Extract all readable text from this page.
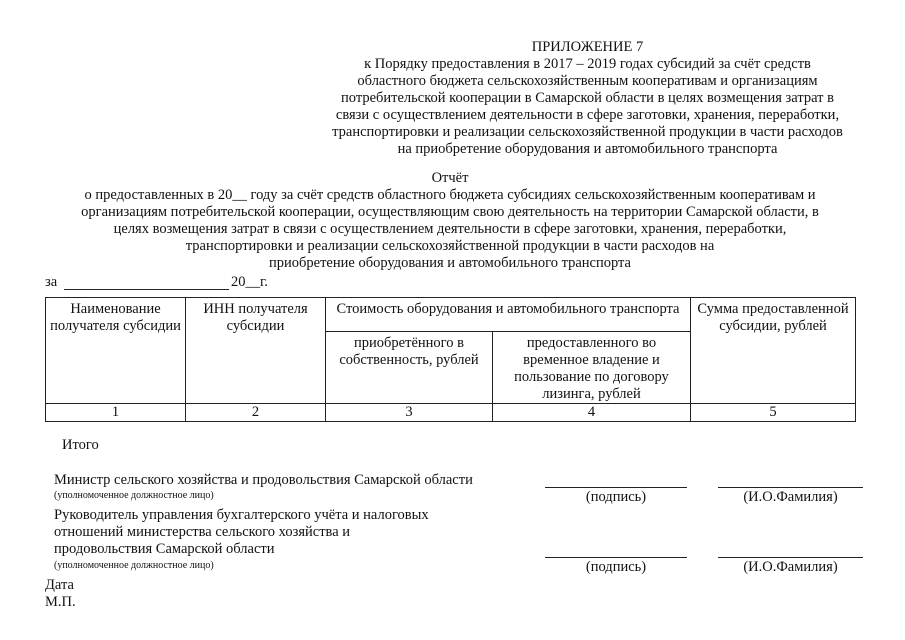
ПРИЛОЖЕНИЕ 7
к Порядку предоставления в 2017 – 2019 годах субсидий за счёт средств
областного бюджета сельскохозяйственным кооперативам и организациям
потребительской кооперации в Самарской области в целях возмещения затрат в
связи с осуществлением деятельности в сфере заготовки, хранения, переработки,
транспортировки и реализации сельскохозяйственной продукции в части расходов
на приобретение оборудования и автомобильного транспорта
Отчёт
о предоставленных в 20__ году за счёт средств областного бюджета субсидиях сельскохозяйственным кооперативам и
организациям потребительской кооперации, осуществляющим свою деятельность на территории Самарской области, в
целях возмещения затрат в связи с осуществлением деятельности в сфере заготовки, хранения, переработки,
транспортировки и реализации сельскохозяйственной продукции в части расходов на
приобретение оборудования и автомобильного транспорта
за	20__г.
Наименование получателя субсидии	ИНН получателя субсидии	Стоимость оборудования и автомобильного транспорта		Сумма предоставленной субсидии, рублей
		приобретённого в собственность, рублей	предоставленного во временное владение и пользование по договору лизинга, рублей	
1	2	3	4	5
Итого
Министр сельского хозяйства и продовольствия Самарской области
(уполномоченное должностное лицо)	(подпись)	(И.О.Фамилия)
Руководитель управления бухгалтерского учёта и налоговых
отношений министерства сельского хозяйства и
продовольствия Самарской области
(уполномоченное должностное лицо)	(подпись)	(И.О.Фамилия)
Дата
М.П.
